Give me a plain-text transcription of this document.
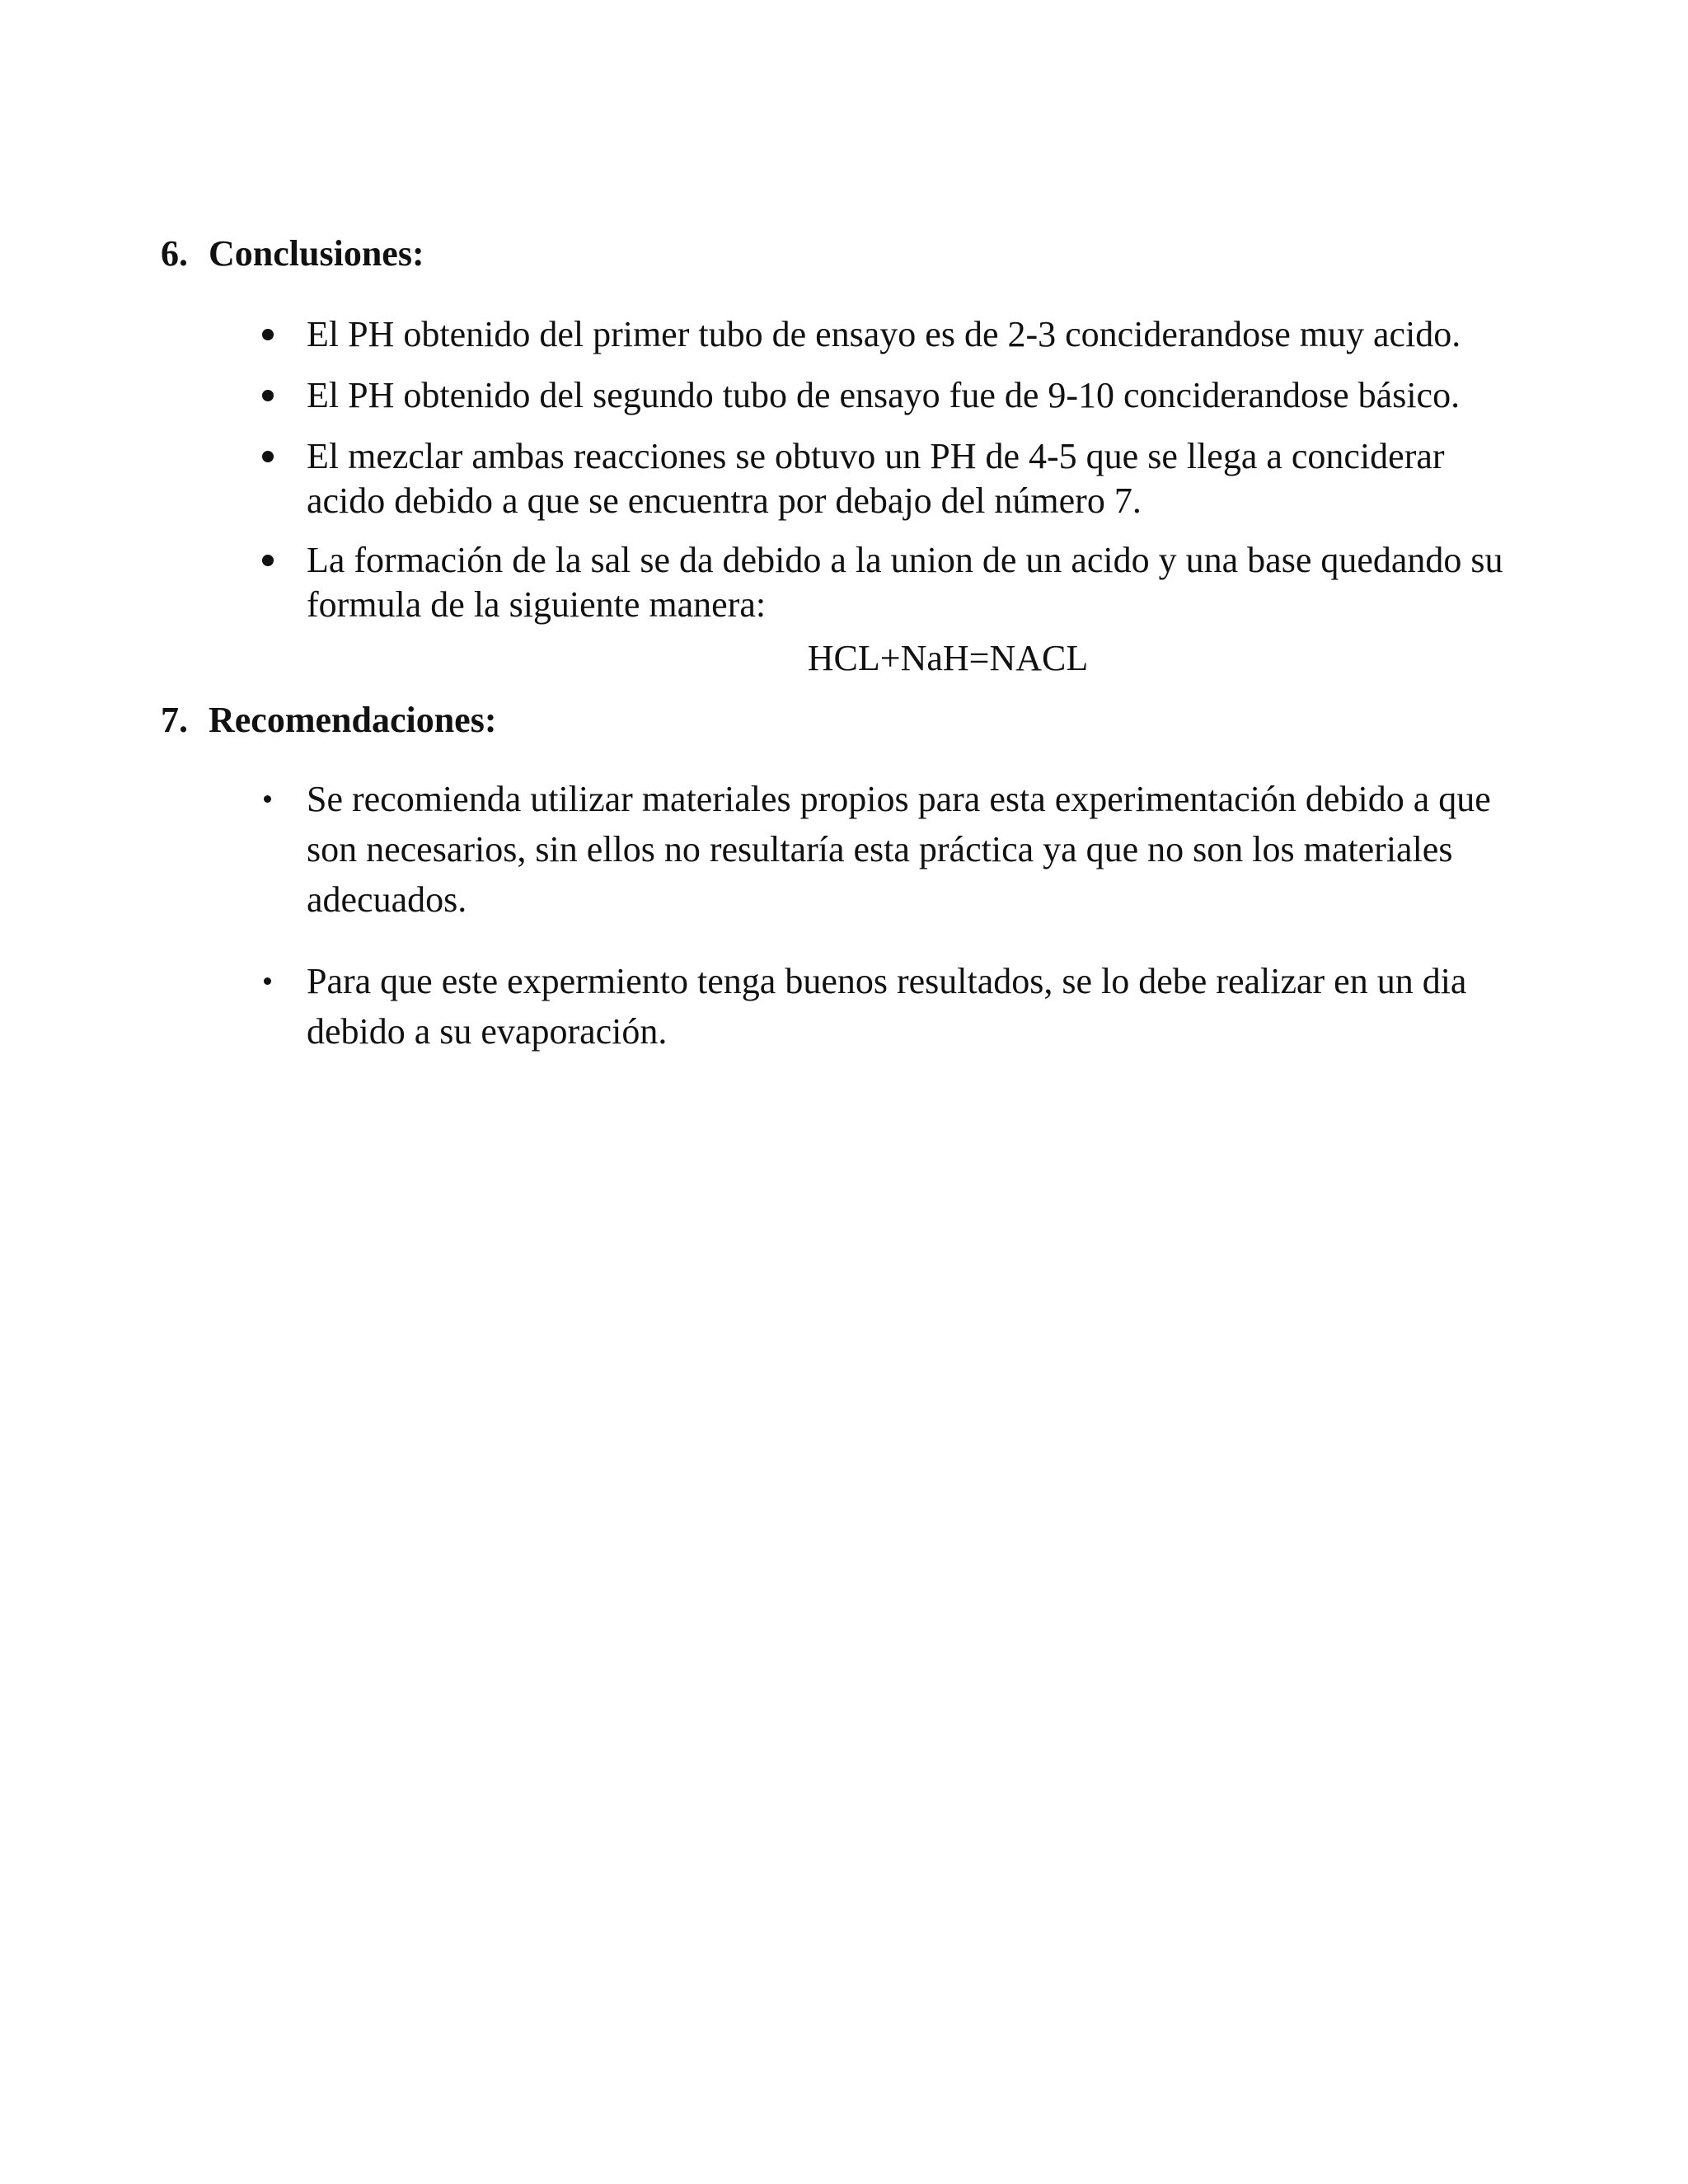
6. Conclusiones:
El PH obtenido del primer tubo de ensayo es de 2-3 conciderandose muy acido.
El PH obtenido del segundo tubo de ensayo fue de 9-10 conciderandose básico.
El mezclar ambas reacciones se obtuvo un PH de 4-5 que se llega a conciderar
acido debido a que se encuentra por debajo del número 7.
La formación de la sal se da debido a la union de un acido y una base quedando su
formula de la siguiente manera:
HCL+NaH=NACL
7. Recomendaciones:
Se recomienda utilizar materiales propios para esta experimentación debido a que
son necesarios, sin ellos no resultaría esta práctica ya que no son los materiales
adecuados.
Para que este expermiento tenga buenos resultados, se lo debe realizar en un dia
debido a su evaporación.
